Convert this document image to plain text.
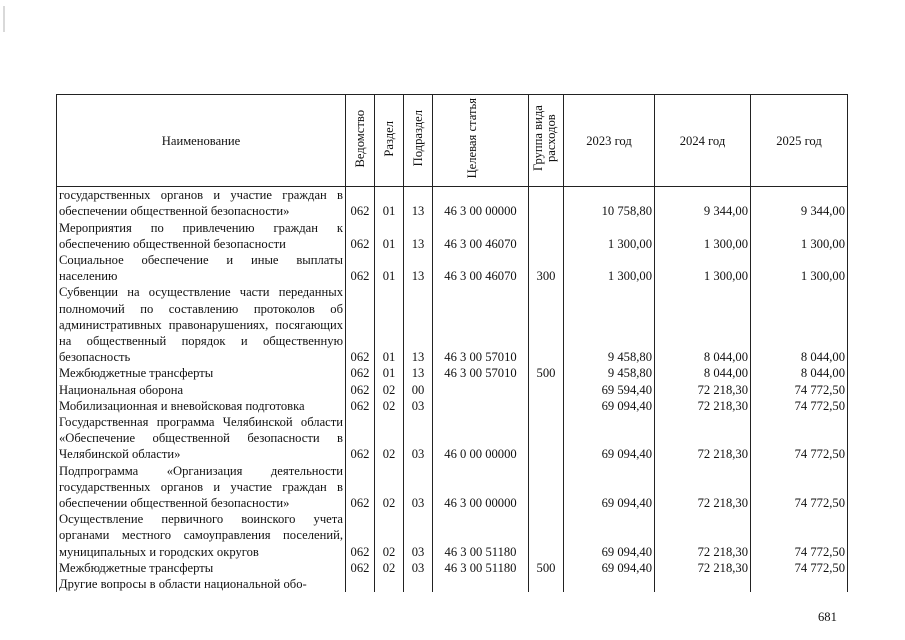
Наименование	Ведомство	Раздел	Подраздел	Целевая статья	Группа вида расходов	2023 год	2024 год	2025 год
государственных органов и участие граждан в обеспечении общественной безопасности»	062	01	13	46 3 00 00000		10 758,80	9 344,00	9 344,00
Мероприятия по привлечению граждан к обеспечению общественной безопасности	062	01	13	46 3 00 46070		1 300,00	1 300,00	1 300,00
Социальное обеспечение и иные выплаты населению	062	01	13	46 3 00 46070	300	1 300,00	1 300,00	1 300,00
Субвенции на осуществление части переданных полномочий по составлению протоколов об административных правонарушениях, посягающих на общественный порядок и общественную безопасность	062	01	13	46 3 00 57010		9 458,80	8 044,00	8 044,00
Межбюджетные трансферты	062	01	13	46 3 00 57010	500	9 458,80	8 044,00	8 044,00
Национальная оборона	062	02	00			69 594,40	72 218,30	74 772,50
Мобилизационная и вневойсковая подготовка	062	02	03			69 094,40	72 218,30	74 772,50
Государственная программа Челябинской области «Обеспечение общественной безопасности в Челябинской области»	062	02	03	46 0 00 00000		69 094,40	72 218,30	74 772,50
Подпрограмма «Организация деятельности государственных органов и участие граждан в обеспечении общественной безопасности»	062	02	03	46 3 00 00000		69 094,40	72 218,30	74 772,50
Осуществление первичного воинского учета органами местного самоуправления поселений, муниципальных и городских округов	062	02	03	46 3 00 51180		69 094,40	72 218,30	74 772,50
Межбюджетные трансферты	062	02	03	46 3 00 51180	500	69 094,40	72 218,30	74 772,50
Другие вопросы в области национальной обо-								
681
